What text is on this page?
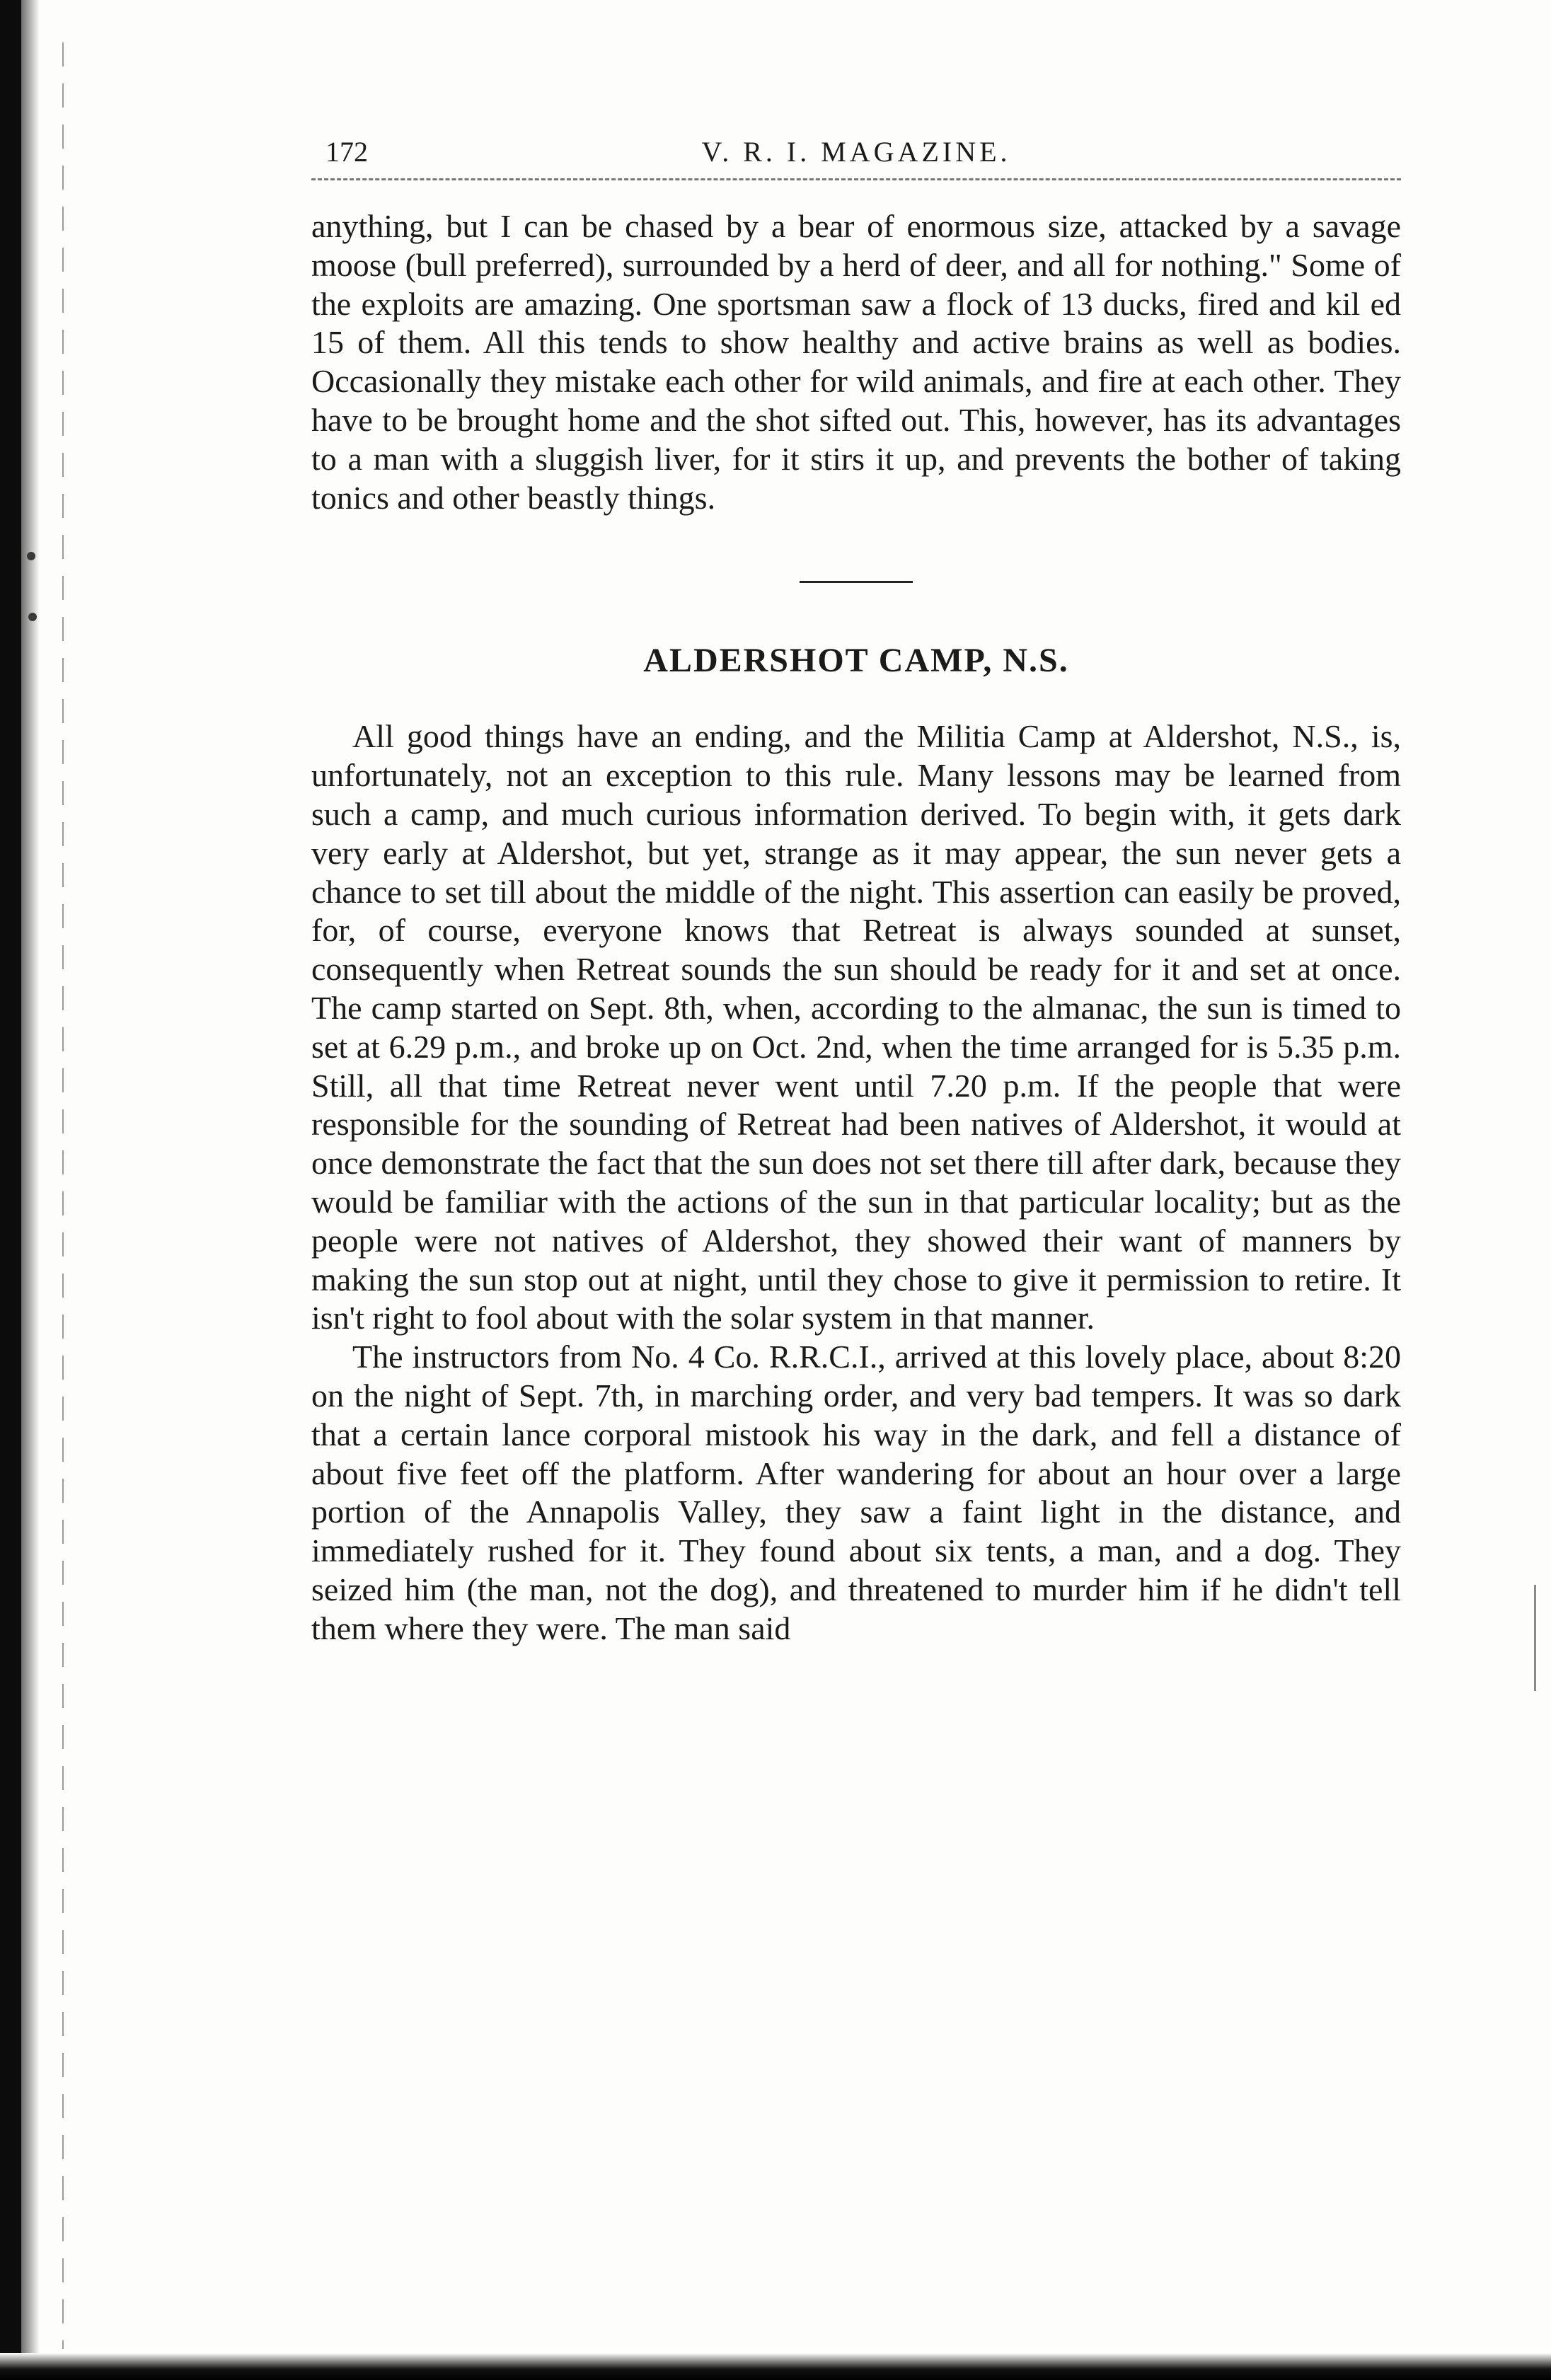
172	V. R. I. MAGAZINE.

anything, but I can be chased by a bear of enormous size, attacked by a savage moose (bull preferred), surrounded by a herd of deer, and all for nothing." Some of the exploits are amazing. One sportsman saw a flock of 13 ducks, fired and kil ed 15 of them. All this tends to show healthy and active brains as well as bodies. Occasionally they mistake each other for wild animals, and fire at each other. They have to be brought home and the shot sifted out. This, however, has its advantages to a man with a sluggish liver, for it stirs it up, and prevents the bother of taking tonics and other beastly things.

ALDERSHOT CAMP, N.S.

All good things have an ending, and the Militia Camp at Aldershot, N.S., is, unfortunately, not an exception to this rule. Many lessons may be learned from such a camp, and much curious information derived. To begin with, it gets dark very early at Aldershot, but yet, strange as it may appear, the sun never gets a chance to set till about the middle of the night. This assertion can easily be proved, for, of course, everyone knows that Retreat is always sounded at sunset, consequently when Retreat sounds the sun should be ready for it and set at once. The camp started on Sept. 8th, when, according to the almanac, the sun is timed to set at 6.29 p.m., and broke up on Oct. 2nd, when the time arranged for is 5.35 p.m. Still, all that time Retreat never went until 7.20 p.m. If the people that were responsible for the sounding of Retreat had been natives of Aldershot, it would at once demonstrate the fact that the sun does not set there till after dark, because they would be familiar with the actions of the sun in that particular locality; but as the people were not natives of Aldershot, they showed their want of manners by making the sun stop out at night, until they chose to give it permission to retire. It isn't right to fool about with the solar system in that manner.

The instructors from No. 4 Co. R.R.C.I., arrived at this lovely place, about 8:20 on the night of Sept. 7th, in marching order, and very bad tempers. It was so dark that a certain lance corporal mistook his way in the dark, and fell a distance of about five feet off the platform. After wandering for about an hour over a large portion of the Annapolis Valley, they saw a faint light in the distance, and immediately rushed for it. They found about six tents, a man, and a dog. They seized him (the man, not the dog), and threatened to murder him if he didn't tell them where they were. The man said
